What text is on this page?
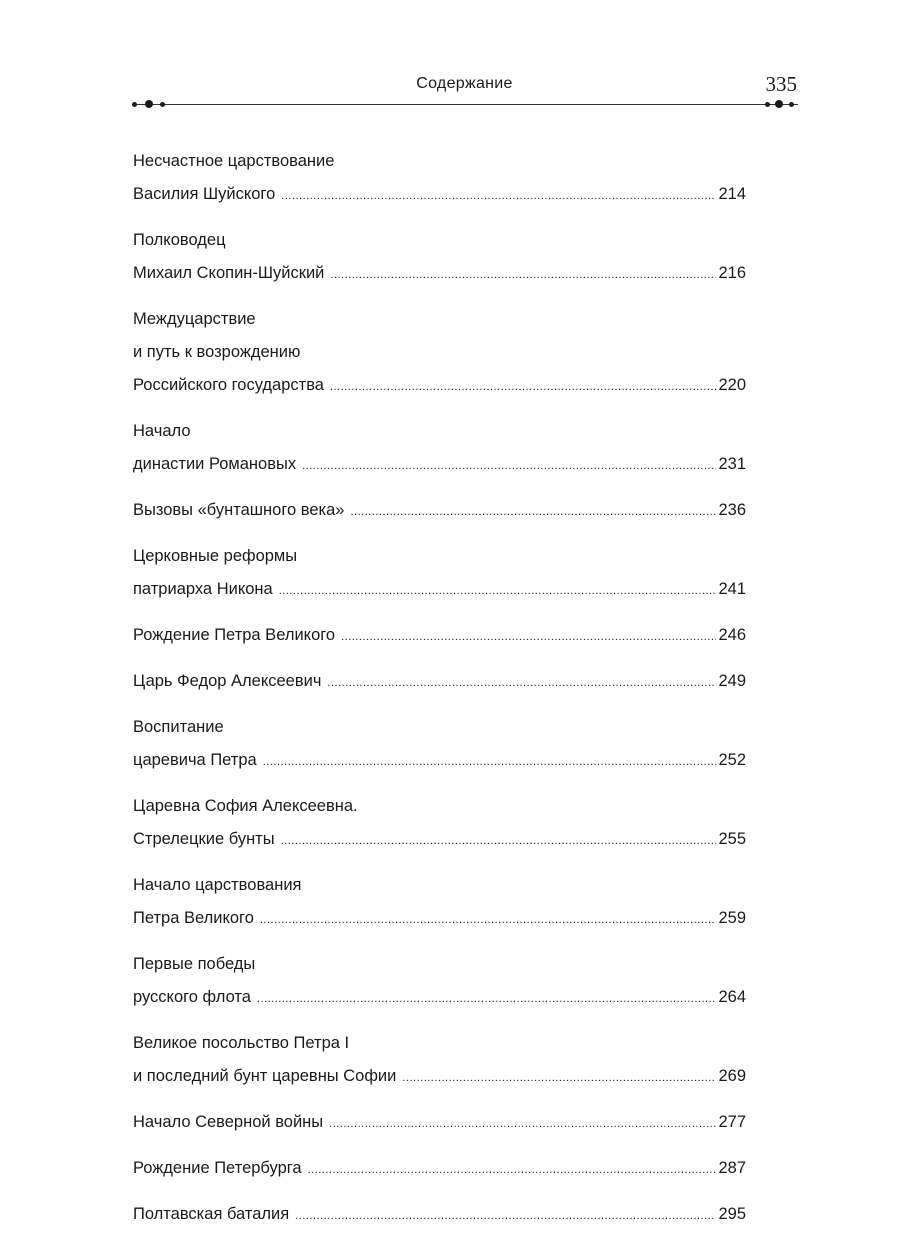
Содержание	335
Несчастное царствование
Василия Шуйского .....	214
Полководец
Михаил Скопин-Шуйский .....	216
Междуцарствие
и путь к возрождению
Российского государства .....	220
Начало
династии Романовых .....	231
Вызовы «бунташного века» .....	236
Церковные реформы
патриарха Никона .....	241
Рождение Петра Великого .....	246
Царь Федор Алексеевич .....	249
Воспитание
царевича Петра .....	252
Царевна София Алексеевна.
Стрелецкие бунты .....	255
Начало царствования
Петра Великого .....	259
Первые победы
русского флота .....	264
Великое посольство Петра I
и последний бунт царевны Софии .....	269
Начало Северной войны .....	277
Рождение Петербурга .....	287
Полтавская баталия .....	295
